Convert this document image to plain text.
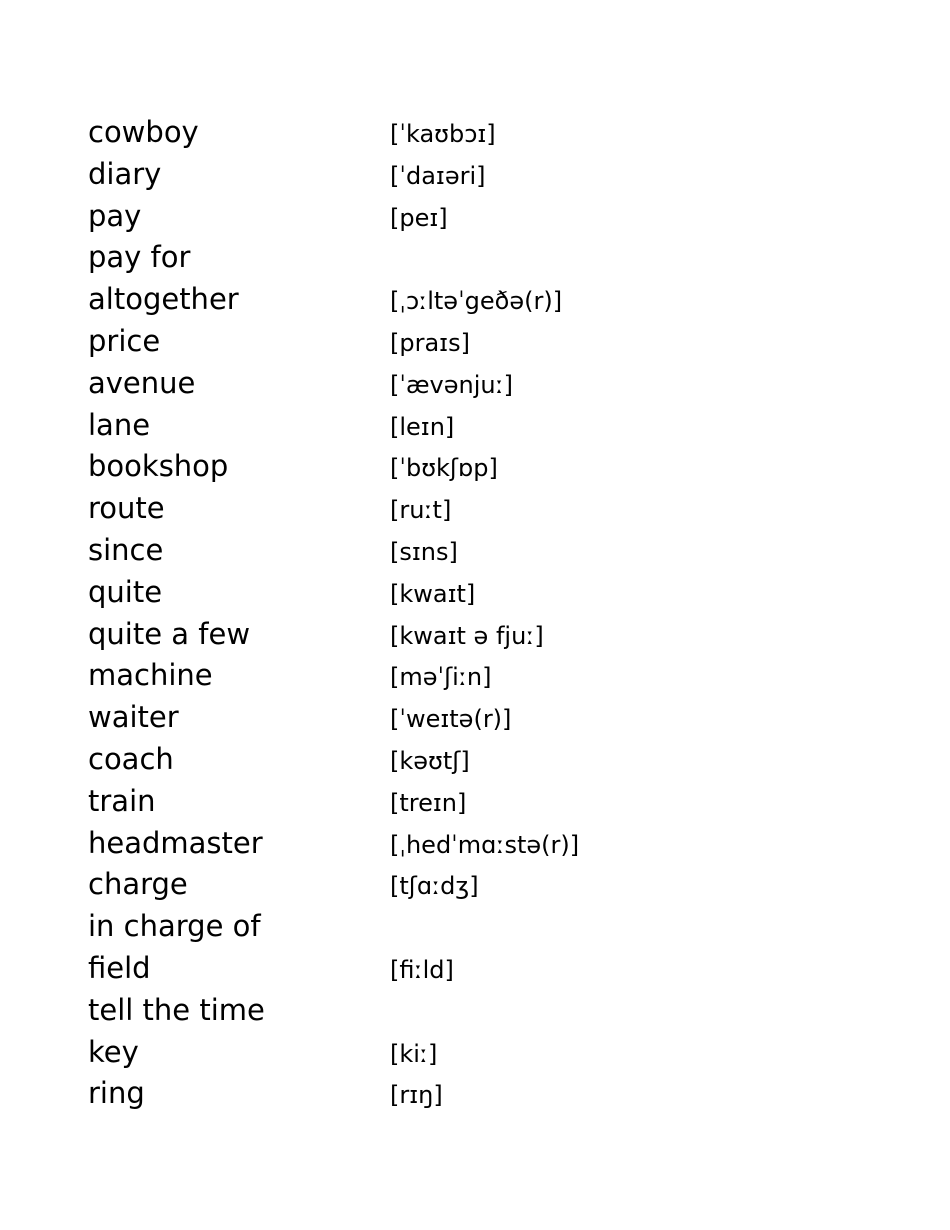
cowboy	[ˈkaʊbɔɪ]
diary	[ˈdaɪəri]
pay	[peɪ]
pay for
altogether	[ˌɔːltəˈgeðə(r)]
price	[praɪs]
avenue	[ˈævənjuː]
lane	[leɪn]
bookshop	[ˈbʊkʃɒp]
route	[ruːt]
since	[sɪns]
quite	[kwaɪt]
quite a few	[kwaɪt ə fjuː]
machine	[məˈʃiːn]
waiter	[ˈweɪtə(r)]
coach	[kəʊtʃ]
train	[treɪn]
headmaster	[ˌhedˈmɑːstə(r)]
charge	[tʃɑːdʒ]
in charge of
field	[fiːld]
tell the time
key	[kiː]
ring	[rɪŋ]
